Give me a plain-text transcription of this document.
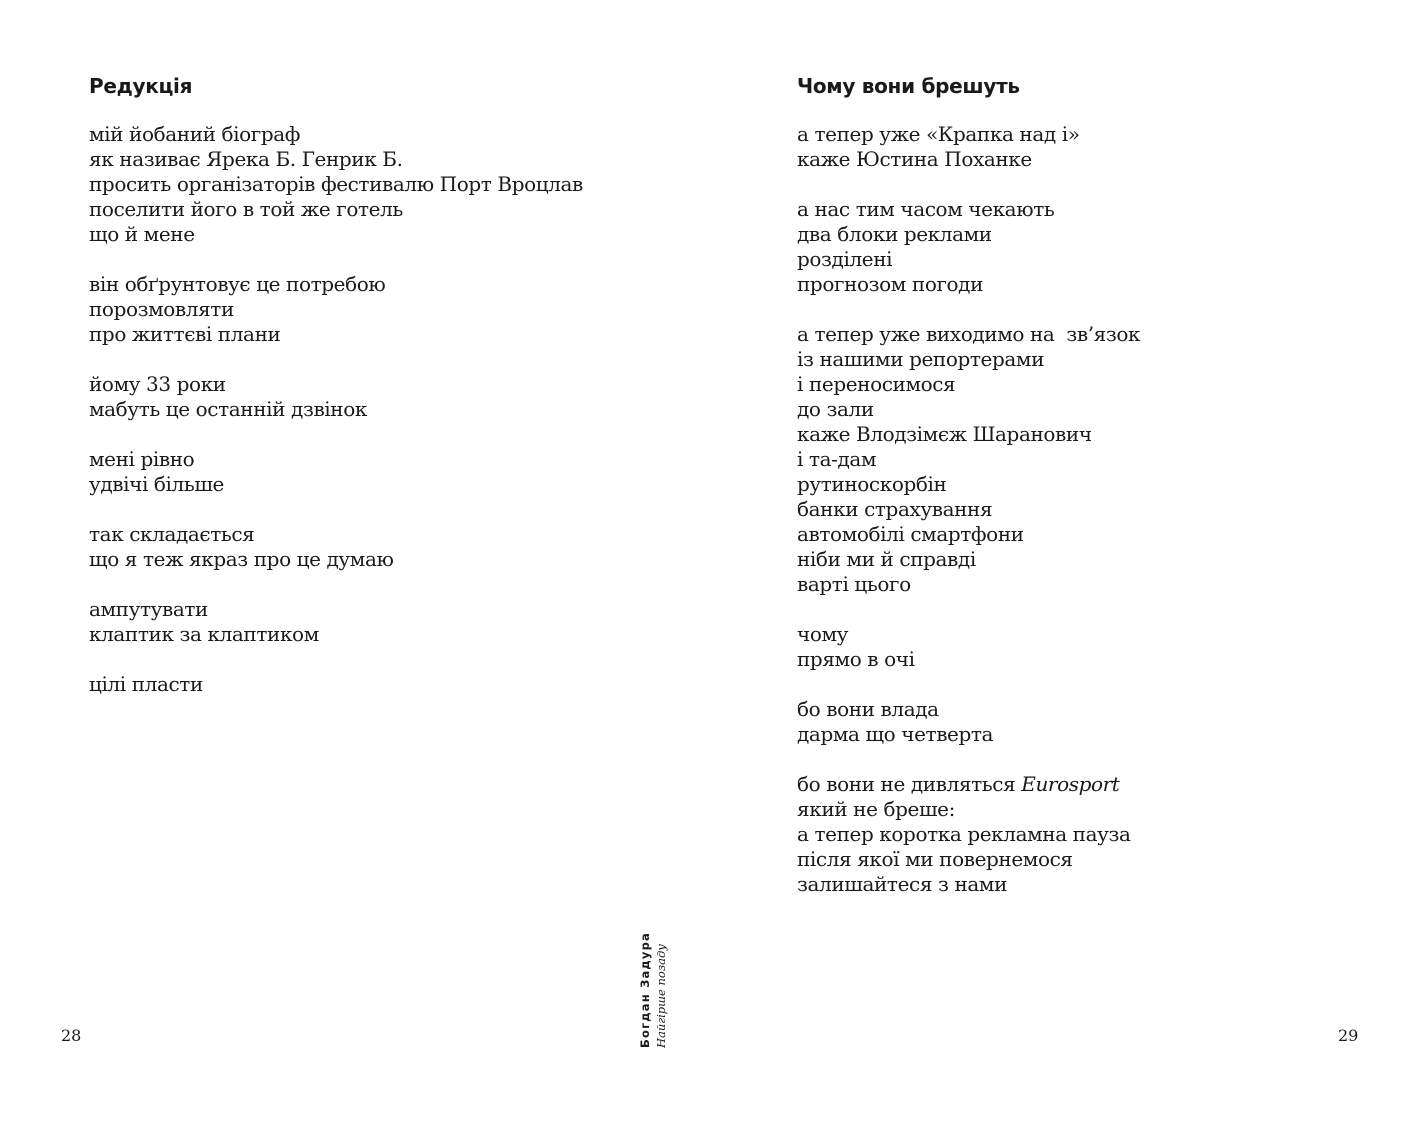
Редукція
мій йобаний біограф
як називає Ярека Б. Генрик Б.
просить організаторів фестивалю Порт Вроцлав
поселити його в той же готель
що й мене
він обґрунтовує це потребою
порозмовляти
про життєві плани
йому 33 роки
мабуть це останній дзвінок
мені рівно
удвічі більше
так складається
що я теж якраз про це думаю
ампутувати
клаптик за клаптиком
цілі пласти
28	Богдан Задура Найгірше позаду
Чому вони брешуть
а тепер уже «Крапка над і»
каже Юстина Поханке
а нас тим часом чекають
два блоки реклами
розділені
прогнозом погоди
а тепер уже виходимо на  зв’язок
із нашими репортерами
і переносимося
до зали
каже Влодзімєж Шаранович
і та-дам
рутиноскорбін
банки страхування
автомобілі смартфони
ніби ми й справді
варті цього
чому
прямо в очі
бо вони влада
дарма що четверта
бо вони не дивляться Eurosport
який не бреше:
а тепер коротка рекламна пауза
після якої ми повернемося
залишайтеся з нами
29
